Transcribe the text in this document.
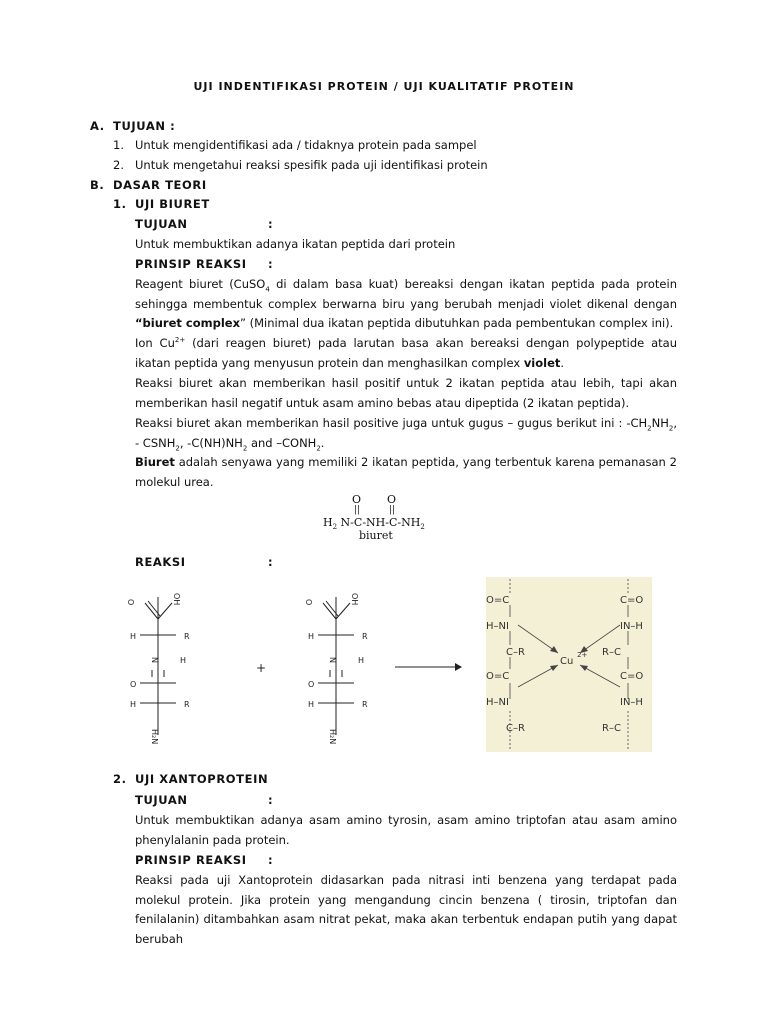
UJI INDENTIFIKASI PROTEIN / UJI KUALITATIF PROTEIN
A. TUJUAN :
1. Untuk mengidentifikasi ada / tidaknya protein pada sampel
2. Untuk mengetahui reaksi spesifik pada uji identifikasi protein
B. DASAR TEORI
1. UJI BIURET
TUJUAN	:
Untuk membuktikan adanya ikatan peptida dari protein
PRINSIP REAKSI :
Reagent biuret (CuSO$_4$ di dalam basa kuat) bereaksi dengan ikatan peptida pada protein sehingga membentuk complex berwarna biru yang berubah menjadi violet dikenal dengan “biuret complex” (Minimal dua ikatan peptida dibutuhkan pada pembentukan complex ini).
Ion $Cu^{2+}$ (dari reagen biuret) pada larutan basa akan bereaksi dengan polypeptide atau ikatan peptida yang menyusun protein dan menghasilkan complex violet.
Reaksi biuret akan memberikan hasil positif untuk 2 ikatan peptida atau lebih, tapi akan memberikan hasil negatif untuk asam amino bebas atau dipeptida (2 ikatan peptida).
Reaksi biuret akan memberikan hasil positive juga untuk gugus – gugus berikut ini : $-CH_2NH_2$, - $CSNH_2$, $-C(NH)NH_2$ and $-CONH_2$.
Biuret adalah senyawa yang memiliki 2 ikatan peptida, yang terbentuk karena pemanasan 2 molekul urea.
O O
||	||
$H_2$ $N-C-NH-C-NH_2$
biuret
REAKSI	:
O	OH
H	R
N	H
O
H	R
H₂N
+
O	OH
H	R
N	H
O
H	R
H₂N
O=C
H–NI
C–R
O=C
H–NI
C–R
C=O
IN–H
R–C
C=O
IN–H
R–C
Cu
2+
2. UJI XANTOPROTEIN
TUJUAN	:
Untuk membuktikan adanya asam amino tyrosin, asam amino triptofan atau asam amino phenylalanin pada protein.
PRINSIP REAKSI :
Reaksi pada uji Xantoprotein didasarkan pada nitrasi inti benzena yang terdapat pada molekul protein. Jika protein yang mengandung cincin benzena ( tirosin, triptofan dan fenilalanin) ditambahkan asam nitrat pekat, maka akan terbentuk endapan putih yang dapat berubah
